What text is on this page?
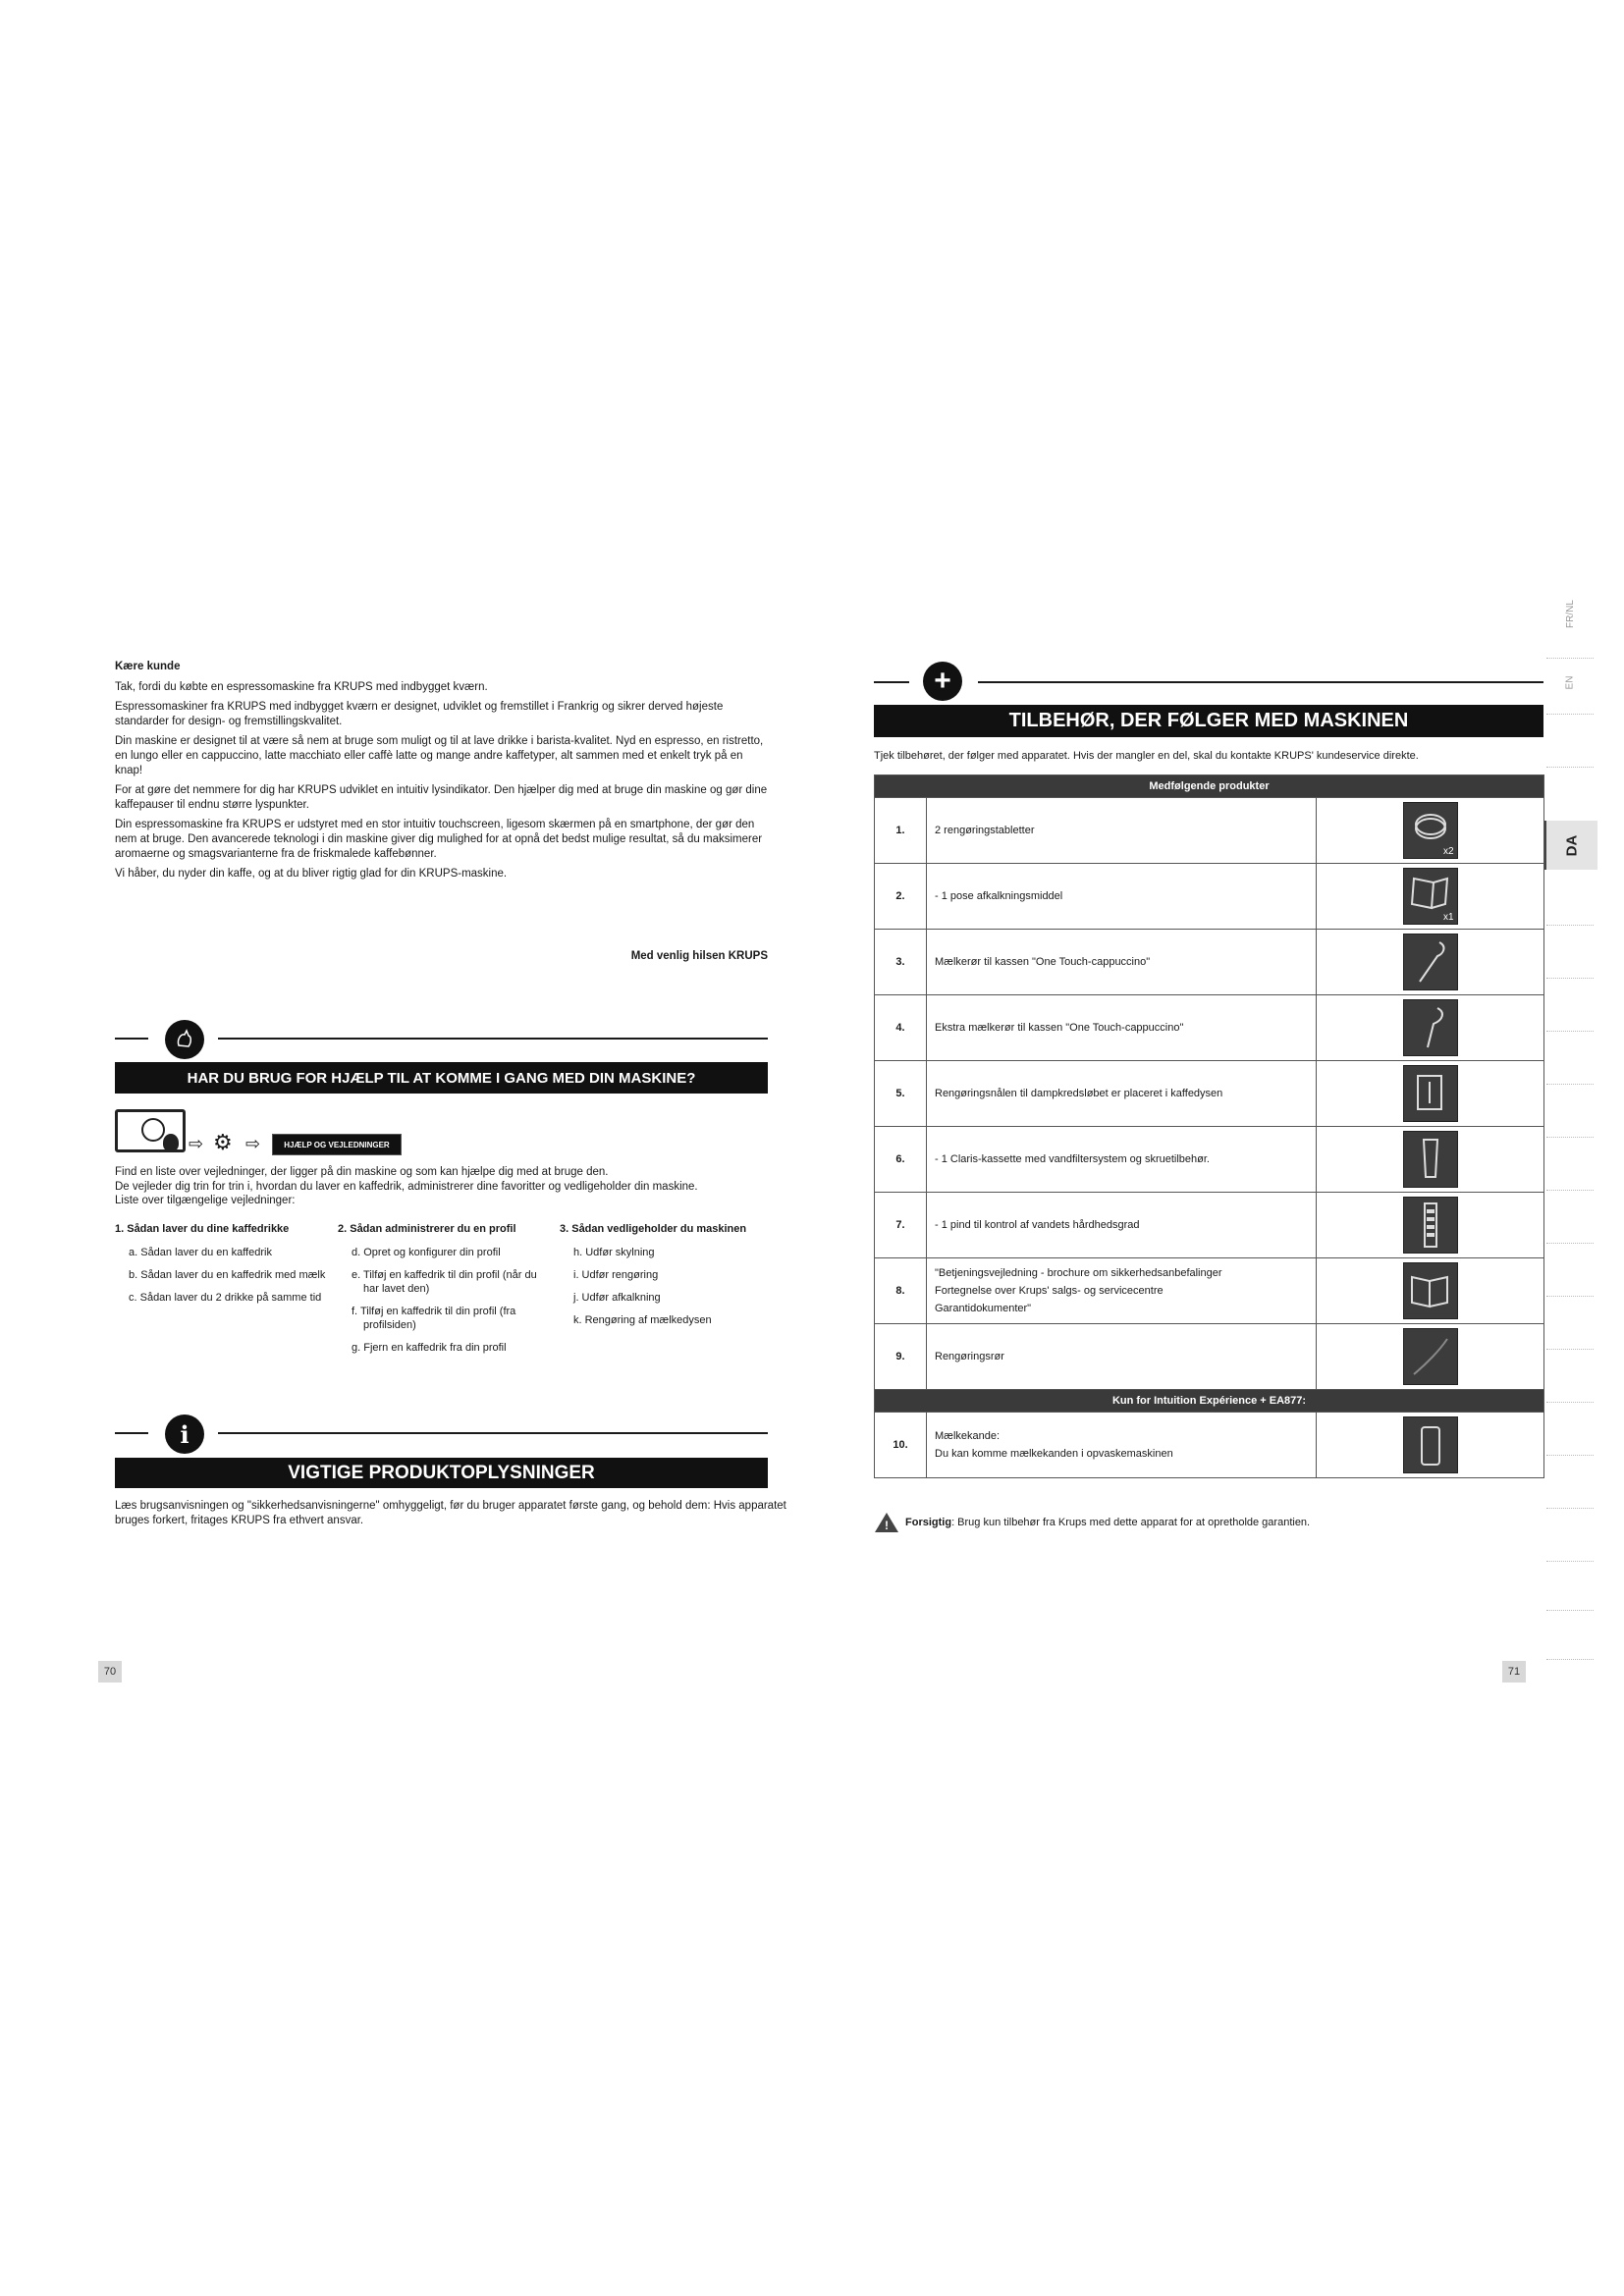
Kære kunde

Tak, fordi du købte en espressomaskine fra KRUPS med indbygget kværn.

Espressomaskiner fra KRUPS med indbygget kværn er designet, udviklet og fremstillet i Frankrig og sikrer derved højeste standarder for design- og fremstillingskvalitet.

Din maskine er designet til at være så nem at bruge som muligt og til at lave drikke i barista-kvalitet. Nyd en espresso, en ristretto, en lungo eller en cappuccino, latte macchiato eller caffè latte og mange andre kaffetyper, alt sammen med et enkelt tryk på en knap!

For at gøre det nemmere for dig har KRUPS udviklet en intuitiv lysindikator. Den hjælper dig med at bruge din maskine og gør dine kaffepauser til endnu større lyspunkter.

Din espressomaskine fra KRUPS er udstyret med en stor intuitiv touchscreen, ligesom skærmen på en smartphone, der gør den nem at bruge. Den avancerede teknologi i din maskine giver dig mulighed for at opnå det bedst mulige resultat, så du maksimerer aromaerne og smagsvarianterne fra de friskmalede kaffebønner.

Vi håber, du nyder din kaffe, og at du bliver rigtig glad for din KRUPS-maskine.

Med venlig hilsen KRUPS
HAR DU BRUG FOR HJÆLP TIL AT KOMME I GANG MED DIN MASKINE?
⇨ ⚙ ⇨	HJÆLP OG VEJLEDNINGER

Find en liste over vejledninger, der ligger på din maskine og som kan hjælpe dig med at bruge den.

De vejleder dig trin for trin i, hvordan du laver en kaffedrik, administrerer dine favoritter og vedligeholder din maskine.

Liste over tilgængelige vejledninger:

1. Sådan laver du dine kaffedrikke
a. Sådan laver du en kaffedrik
b. Sådan laver du en kaffedrik med mælk
c. Sådan laver du 2 drikke på samme tid
2. Sådan administrerer du en profil
d. Opret og konfigurer din profil
e. Tilføj en kaffedrik til din profil (når du har lavet den)
f. Tilføj en kaffedrik til din profil (fra profilsiden)
g. Fjern en kaffedrik fra din profil
3. Sådan vedligeholder du maskinen
h. Udfør skylning
i. Udfør rengøring
j. Udfør afkalkning
k. Rengøring af mælkedysen
i
VIGTIGE PRODUKTOPLYSNINGER
Læs brugsanvisningen og "sikkerhedsanvisningerne" omhyggeligt, før du bruger apparatet første gang, og behold dem: Hvis apparatet bruges forkert, fritages KRUPS fra ethvert ansvar.
70
+
TILBEHØR, DER FØLGER MED MASKINEN
Tjek tilbehøret, der følger med apparatet. Hvis der mangler en del, skal du kontakte KRUPS' kundeservice direkte.
Medfølgende produkter		
1.	2 rengøringstabletter	x2

2.	- 1 pose afkalkningsmiddel	x1

3.	Mælkerør til kassen "One Touch-cappuccino"	

4.	Ekstra mælkerør til kassen "One Touch-cappuccino"	

5.	Rengøringsnålen til dampkredsløbet er placeret i kaffedysen	

6.	- 1 Claris-kassette med vandfiltersystem og skruetilbehør.	

7.	- 1 pind til kontrol af vandets hårdhedsgrad	

8.	"Betjeningsvejledning - brochure om sikkerhedsanbefalinger
Fortegnelse over Krups' salgs- og servicecentre
Garantidokumenter"

9.	Rengøringsrør	

Kun for Intuition Expérience + EA877:		
10.	Mælkekande:
Du kan komme mælkekanden i opvaskemaskinen

! Forsigtig : Brug kun tilbehør fra Krups med dette apparat for at opretholde garantien.
71
FR/NL
EN
DA
